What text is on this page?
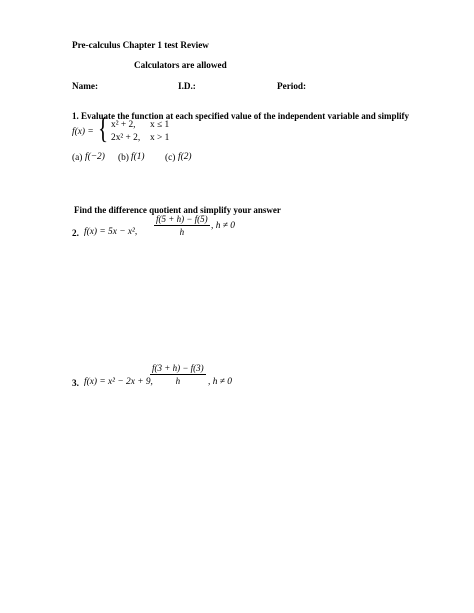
Pre-calculus Chapter 1 test Review
Calculators are allowed
Name:	I.D.:	Period:
1. Evaluate the function at each specified value of the independent variable and simplify
f(x) = { x² + 2, x ≤ 1
2x² + 2, x > 1
(a) f(−2) (b) f(1) (c) f(2)
Find the difference quotient and simplify your answer
2. f(x) = 5x − x², $\frac{f(5 + h) - f(5)}{h}$ , h ≠ 0
3. f(x) = x² − 2x + 9,
$\frac{f(3 + h) - f(3)}{h}$ , h ≠ 0
